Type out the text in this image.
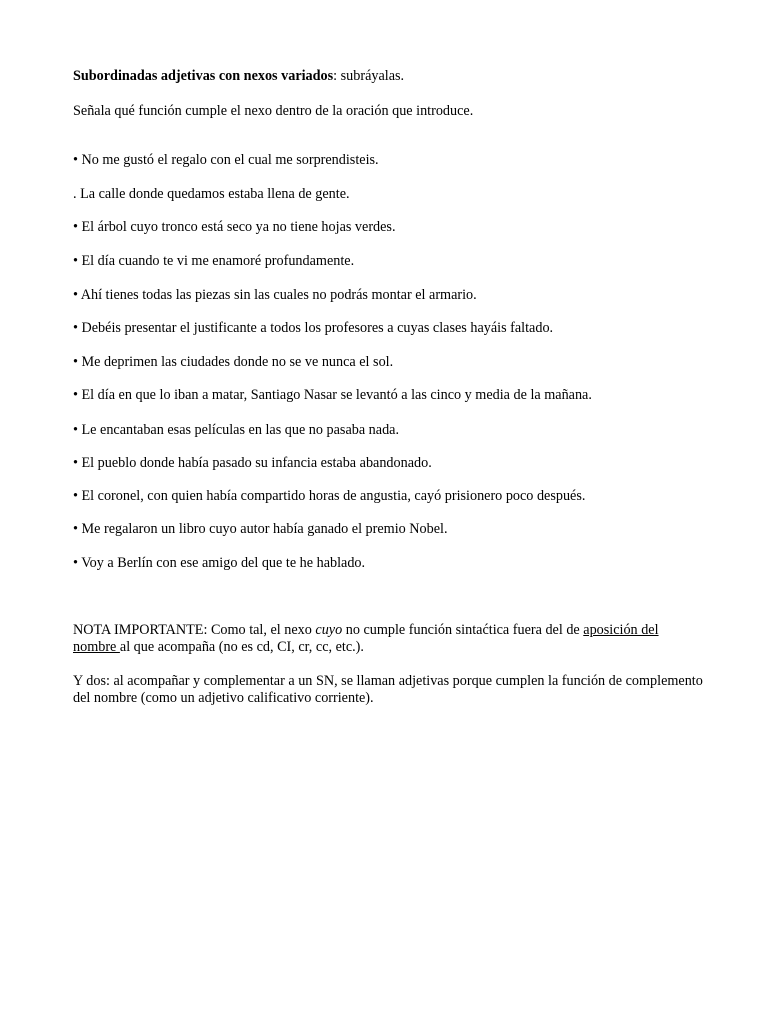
Subordinadas adjetivas con nexos variados: subráyalas.
Señala qué función cumple el nexo dentro de la oración que introduce.
• No me gustó el regalo con el cual me sorprendisteis.
. La calle donde quedamos estaba llena de gente.
• El árbol cuyo tronco está seco ya no tiene hojas verdes.
• El día cuando te vi me enamoré profundamente.
• Ahí tienes todas las piezas sin las cuales no podrás montar el armario.
• Debéis presentar el justificante a todos los profesores a cuyas clases hayáis faltado.
• Me deprimen las ciudades donde no se ve nunca el sol.
• El día en que lo iban a matar, Santiago Nasar se levantó a las cinco y media de la mañana.
• Le encantaban esas películas en las que no pasaba nada.
• El pueblo donde había pasado su infancia estaba abandonado.
• El coronel, con quien había compartido horas de angustia, cayó prisionero poco después.
• Me regalaron un libro cuyo autor había ganado el premio Nobel.
• Voy a Berlín con ese amigo del que te he hablado.
NOTA IMPORTANTE: Como tal, el nexo cuyo no cumple función sintaćtica fuera del de aposición del nombre al que acompaña (no es cd, CI, cr, cc, etc.).
Y dos: al acompañar y complementar a un SN, se llaman adjetivas porque cumplen la función de complemento del nombre (como un adjetivo calificativo corriente).
